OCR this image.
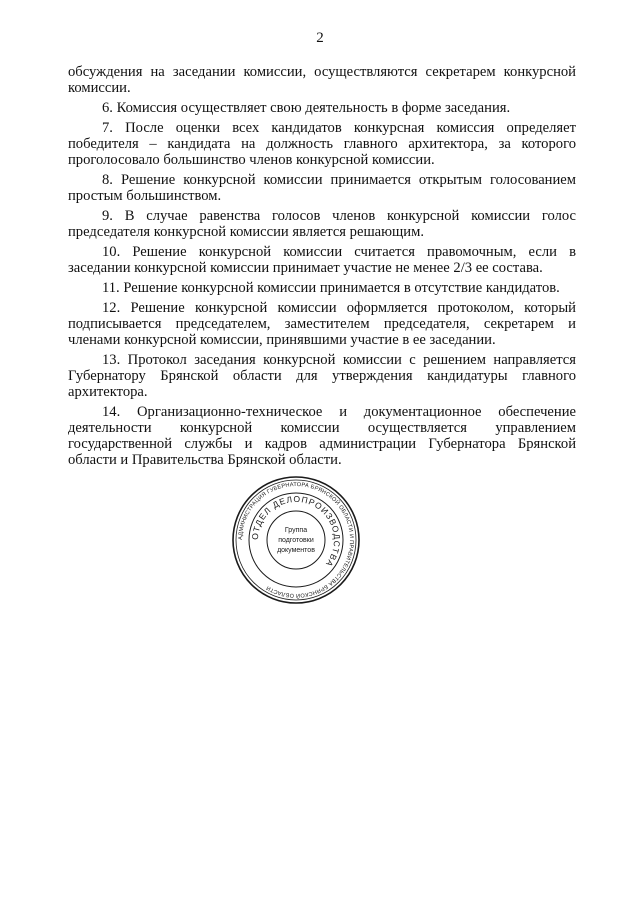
2

обсуждения на заседании комиссии, осуществляются секретарем конкурсной комиссии.

6. Комиссия осуществляет свою деятельность в форме заседания.

7. После оценки всех кандидатов конкурсная комиссия определяет победителя – кандидата на должность главного архитектора, за которого проголосовало большинство членов конкурсной комиссии.

8. Решение конкурсной комиссии принимается открытым голосованием простым большинством.

9. В случае равенства голосов членов конкурсной комиссии голос председателя конкурсной комиссии является решающим.

10. Решение конкурсной комиссии считается правомочным, если в заседании конкурсной комиссии принимает участие не менее 2/3 ее состава.

11. Решение конкурсной комиссии принимается в отсутствие кандидатов.

12. Решение конкурсной комиссии оформляется протоколом, который подписывается председателем, заместителем председателя, секретарем и членами конкурсной комиссии, принявшими участие в ее заседании.

13. Протокол заседания конкурсной комиссии с решением направляется Губернатору Брянской области для утверждения кандидатуры главного архитектора.

14. Организационно-техническое и документационное обеспечение деятельности конкурсной комиссии осуществляется управлением государственной службы и кадров администрации Губернатора Брянской области и Правительства Брянской области.

АДМИНИСТРАЦИЯ ГУБЕРНАТОРА БРЯНСКОЙ ОБЛАСТИ И ПРАВИТЕЛЬСТВА БРЯНСКОЙ ОБЛАСТИ
ОТДЕЛ ДЕЛОПРОИЗВОДСТВА
Группа
подготовки
документов
